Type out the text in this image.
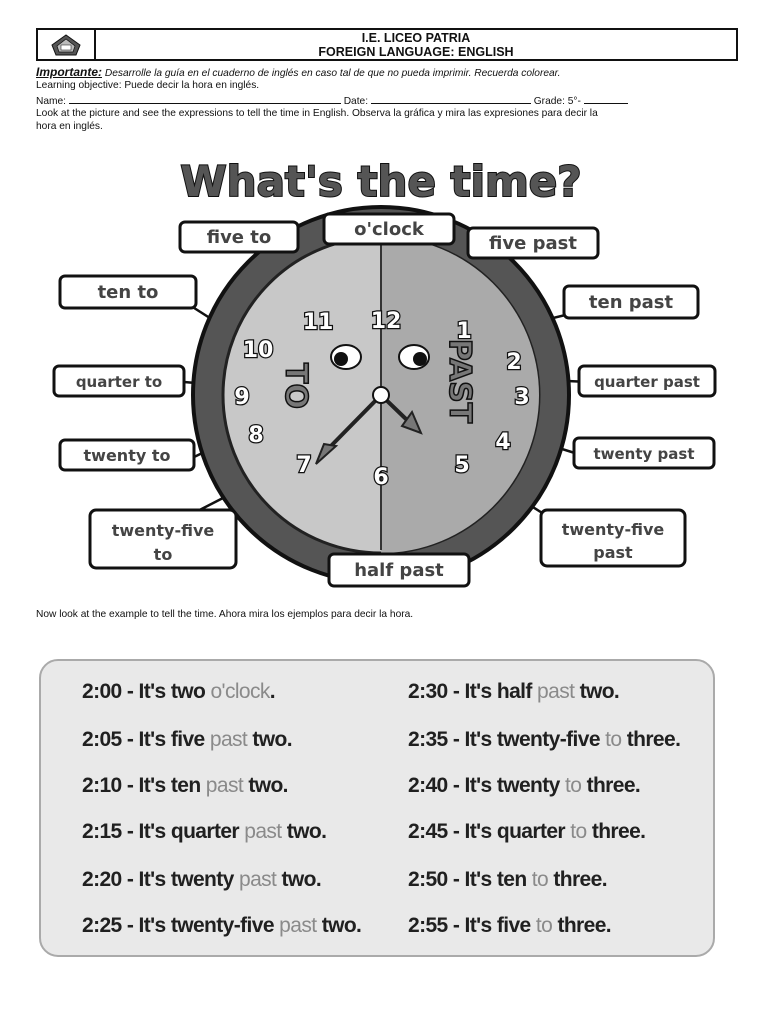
I.E. LICEO PATRIA
FOREIGN LANGUAGE: ENGLISH
Importante: Desarrolle la guía en el cuaderno de inglés en caso tal de que no pueda imprimir. Recuerda colorear.
Learning objective: Puede decir la hora en inglés.
Name:	Date:	Grade: 5°-
Look at the picture and see the expressions to tell the time in English. Observa la gráfica y mira las expresiones para decir la
hora en inglés.
What's the time?
TO	PAST
12	1
2
3
4
5
6
7
8
9
10
11
o'clock
five past
ten past
quarter past
twenty past
twenty-five
past
half past
twenty-five
to
twenty to
quarter to
ten to
five to
Now look at the example to tell the time. Ahora mira los ejemplos para decir la hora.
2:00 - It's two o'clock.
2:05 - It's five past two.
2:10 - It's ten past two.
2:15 - It's quarter past two.
2:20 - It's twenty past two.
2:25 - It's twenty-five past two.
2:30 - It's half past two.
2:35 - It's twenty-five to three.
2:40 - It's twenty to three.
2:45 - It's quarter to three.
2:50 - It's ten to three.
2:55 - It's five to three.
